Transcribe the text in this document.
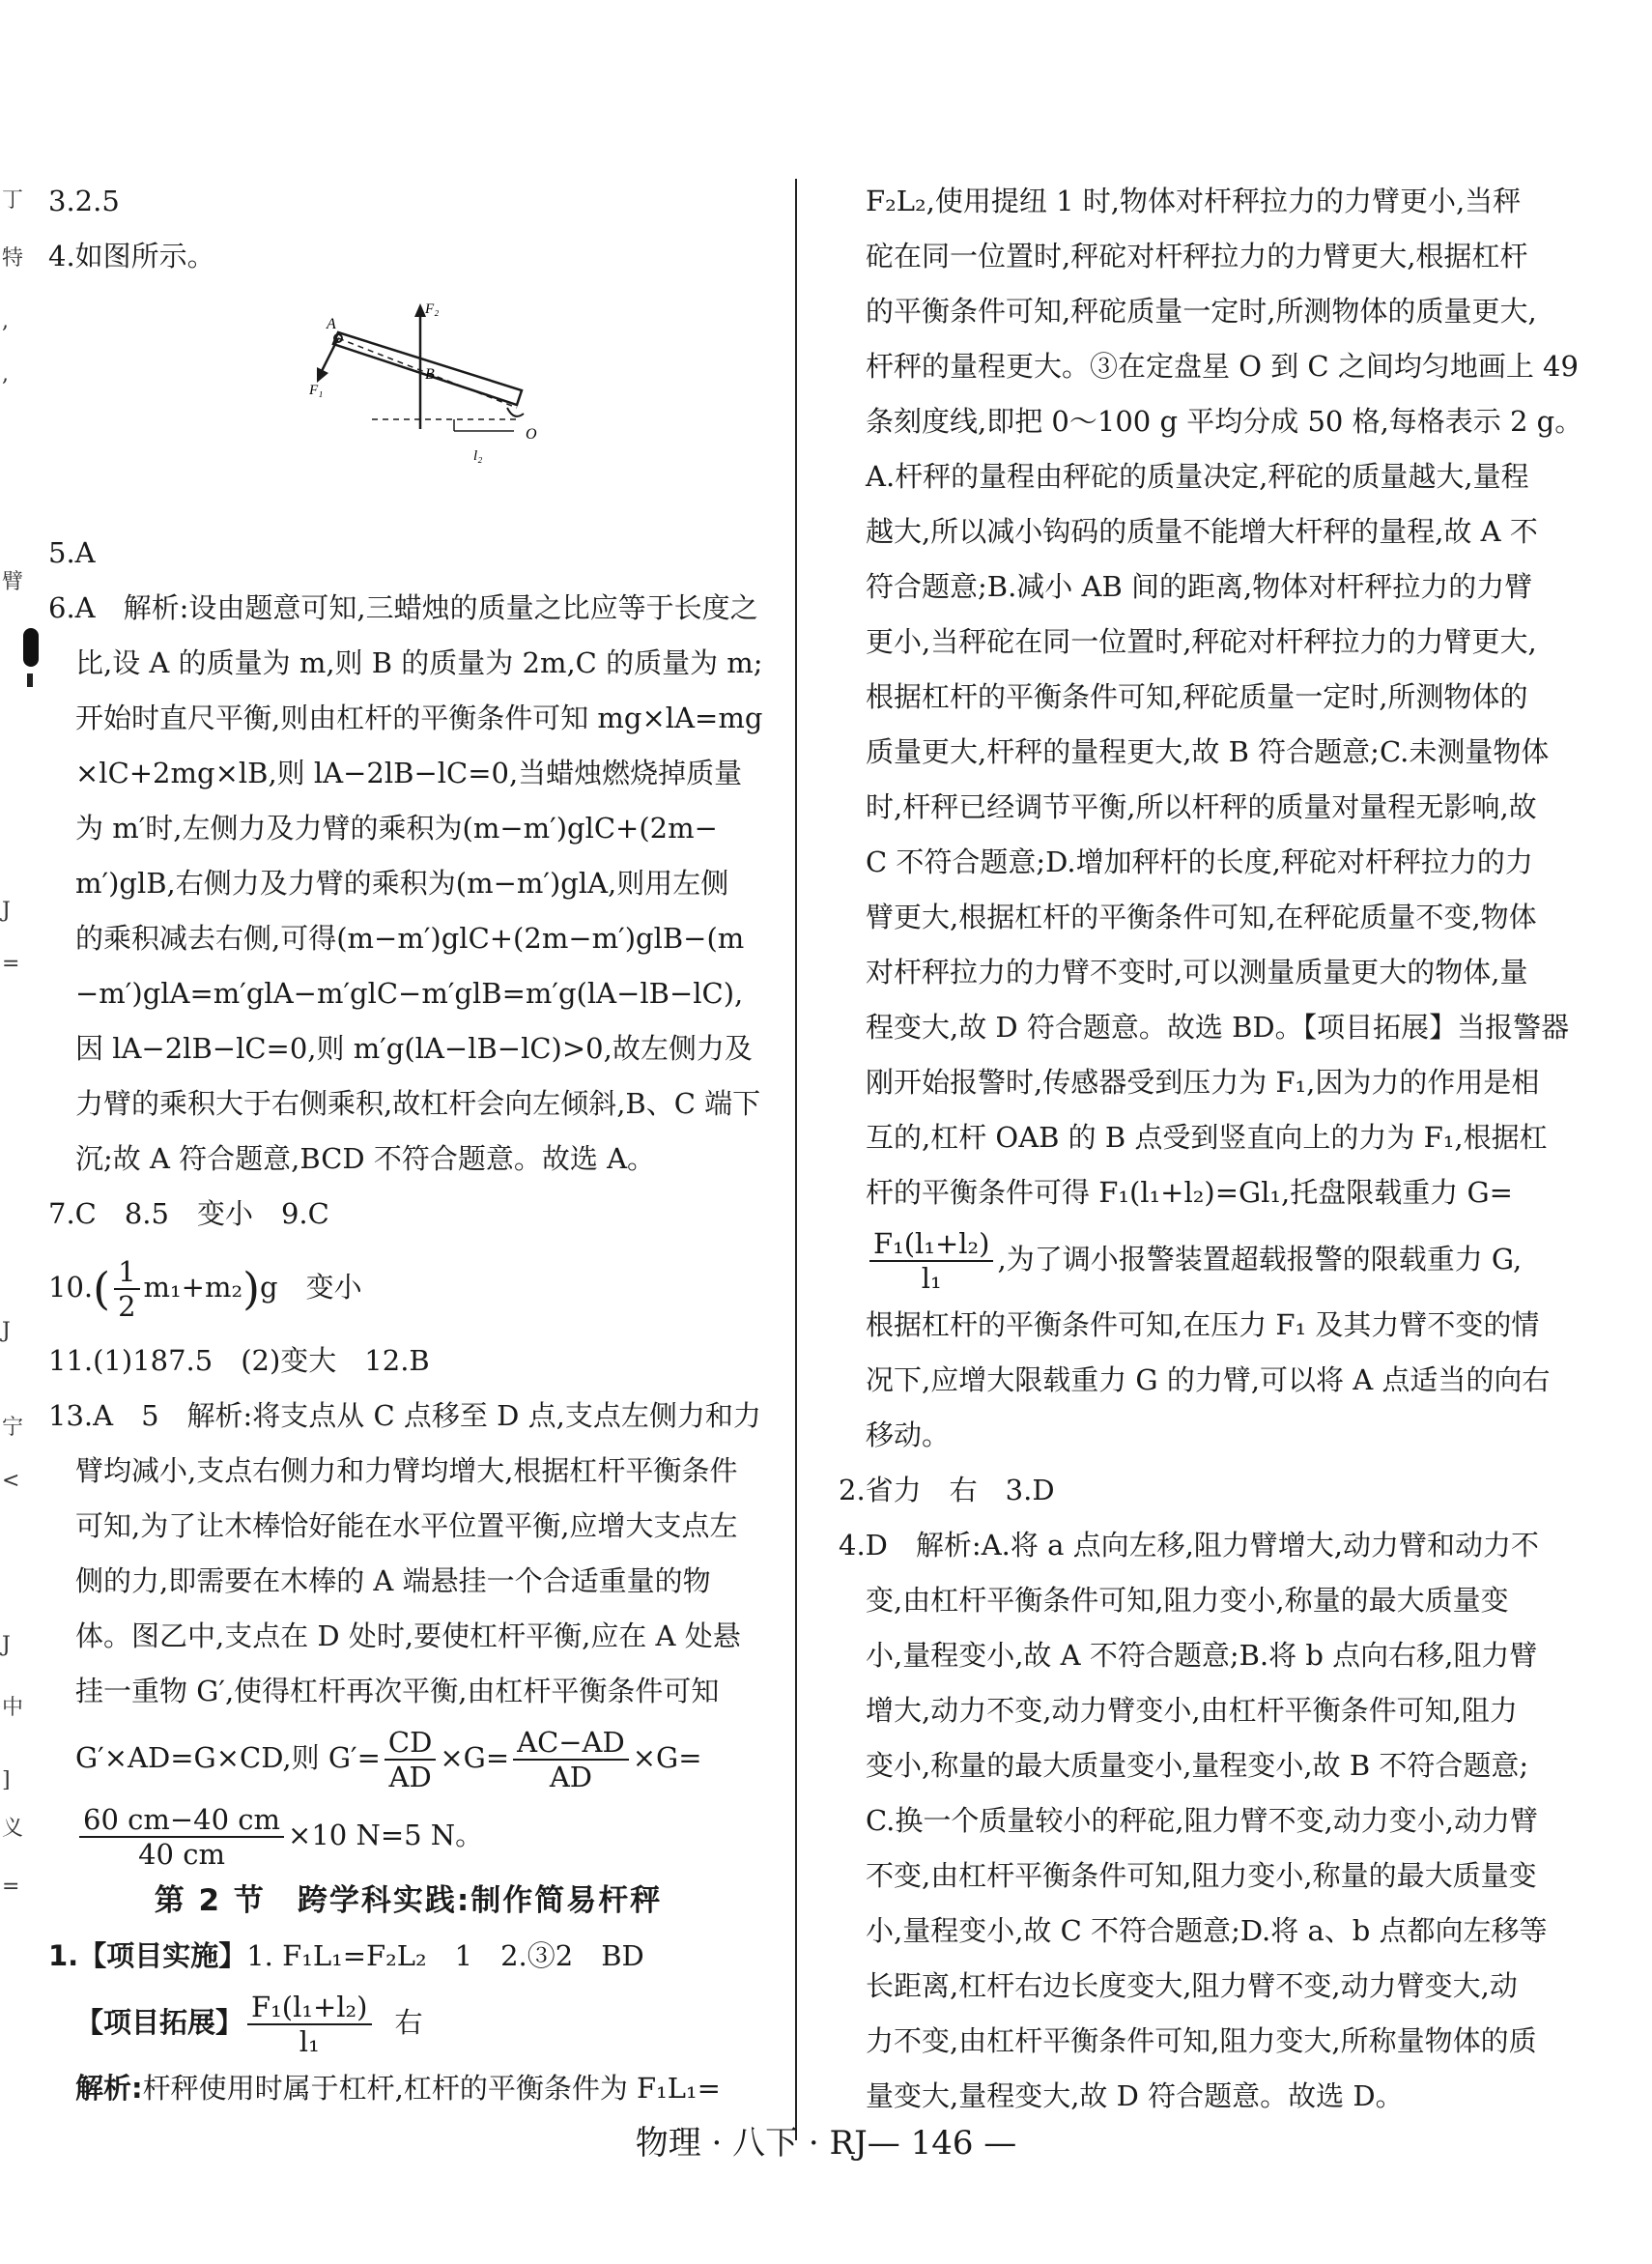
丁
特
,
,
臂
J
=
J
宁
<
J
中
]
义
=
3.2.5
4.如图所示。
A
B
F₂
F₁
O
l₂
5.A
6.A　解析:设由题意可知,三蜡烛的质量之比应等于长度之
比,设 A 的质量为 m,则 B 的质量为 2m,C 的质量为 m;
开始时直尺平衡,则由杠杆的平衡条件可知 mg×lA=mg
×lC+2mg×lB,则 lA−2lB−lC=0,当蜡烛燃烧掉质量
为 m′时,左侧力及力臂的乘积为(m−m′)glC+(2m−
m′)glB,右侧力及力臂的乘积为(m−m′)glA,则用左侧
的乘积减去右侧,可得(m−m′)glC+(2m−m′)glB−(m
−m′)glA=m′glA−m′glC−m′glB=m′g(lA−lB−lC),
因 lA−2lB−lC=0,则 m′g(lA−lB−lC)>0,故左侧力及
力臂的乘积大于右侧乘积,故杠杆会向左倾斜,B、C 端下
沉;故 A 符合题意,BCD 不符合题意。故选 A。
7.C　8.5　变小　9.C
$10.( \frac{1}{2} m_1+m_2)g$　变小
11.(1)187.5　(2)变大　12.B
13.A　5　解析:将支点从 C 点移至 D 点,支点左侧力和力
臂均减小,支点右侧力和力臂均增大,根据杠杆平衡条件
可知,为了让木棒恰好能在水平位置平衡,应增大支点左
侧的力,即需要在木棒的 A 端悬挂一个合适重量的物
体。图乙中,支点在 D 处时,要使杠杆平衡,应在 A 处悬
挂一重物 G′,使得杠杆再次平衡,由杠杆平衡条件可知
G′×AD=G×CD,则 $G'= \frac{CD}{AD} \times G= \frac{AC-AD}{AD} \times G=$
$\frac{60 cm-40 cm}{40 cm} \times 10$ N=5 N。
第 2 节　跨学科实践:制作简易杆秤
1.【项目实施】1. F₁L₁=F₂L₂　1　2.③2　BD
【项目拓展】 $\frac{\text{F₁(l₁+l₂)}}{\text{l₁}}$ 右
解析:杆秤使用时属于杠杆,杠杆的平衡条件为 F₁L₁=
F₂L₂,使用提纽 1 时,物体对杆秤拉力的力臂更小,当秤
砣在同一位置时,秤砣对杆秤拉力的力臂更大,根据杠杆
的平衡条件可知,秤砣质量一定时,所测物体的质量更大,
杆秤的量程更大。③在定盘星 O 到 C 之间均匀地画上 49
条刻度线,即把 0～100 g 平均分成 50 格,每格表示 2 g。
A.杆秤的量程由秤砣的质量决定,秤砣的质量越大,量程
越大,所以减小钩码的质量不能增大杆秤的量程,故 A 不
符合题意;B.减小 AB 间的距离,物体对杆秤拉力的力臂
更小,当秤砣在同一位置时,秤砣对杆秤拉力的力臂更大,
根据杠杆的平衡条件可知,秤砣质量一定时,所测物体的
质量更大,杆秤的量程更大,故 B 符合题意;C.未测量物体
时,杆秤已经调节平衡,所以杆秤的质量对量程无影响,故
C 不符合题意;D.增加秤杆的长度,秤砣对杆秤拉力的力
臂更大,根据杠杆的平衡条件可知,在秤砣质量不变,物体
对杆秤拉力的力臂不变时,可以测量质量更大的物体,量
程变大,故 D 符合题意。故选 BD。【项目拓展】当报警器
刚开始报警时,传感器受到压力为 F₁,因为力的作用是相
互的,杠杆 OAB 的 B 点受到竖直向上的力为 F₁,根据杠
杆的平衡条件可得 F₁(l₁+l₂)=Gl₁,托盘限载重力 G=
$\frac{\text{F₁(l₁+l₂)}}{\text{l₁}}$ ,为了调小报警装置超载报警的限载重力 G,
根据杠杆的平衡条件可知,在压力 F₁ 及其力臂不变的情
况下,应增大限载重力 G 的力臂,可以将 A 点适当的向右
移动。
2.省力　右　3.D
4.D　解析:A.将 a 点向左移,阻力臂增大,动力臂和动力不
变,由杠杆平衡条件可知,阻力变小,称量的最大质量变
小,量程变小,故 A 不符合题意;B.将 b 点向右移,阻力臂
增大,动力不变,动力臂变小,由杠杆平衡条件可知,阻力
变小,称量的最大质量变小,量程变小,故 B 不符合题意;
C.换一个质量较小的秤砣,阻力臂不变,动力变小,动力臂
不变,由杠杆平衡条件可知,阻力变小,称量的最大质量变
小,量程变小,故 C 不符合题意;D.将 a、b 点都向左移等
长距离,杠杆右边长度变大,阻力臂不变,动力臂变大,动
力不变,由杠杆平衡条件可知,阻力变大,所称量物体的质
量变大,量程变大,故 D 符合题意。故选 D。
物理 · 八下 · RJ— 146 —
